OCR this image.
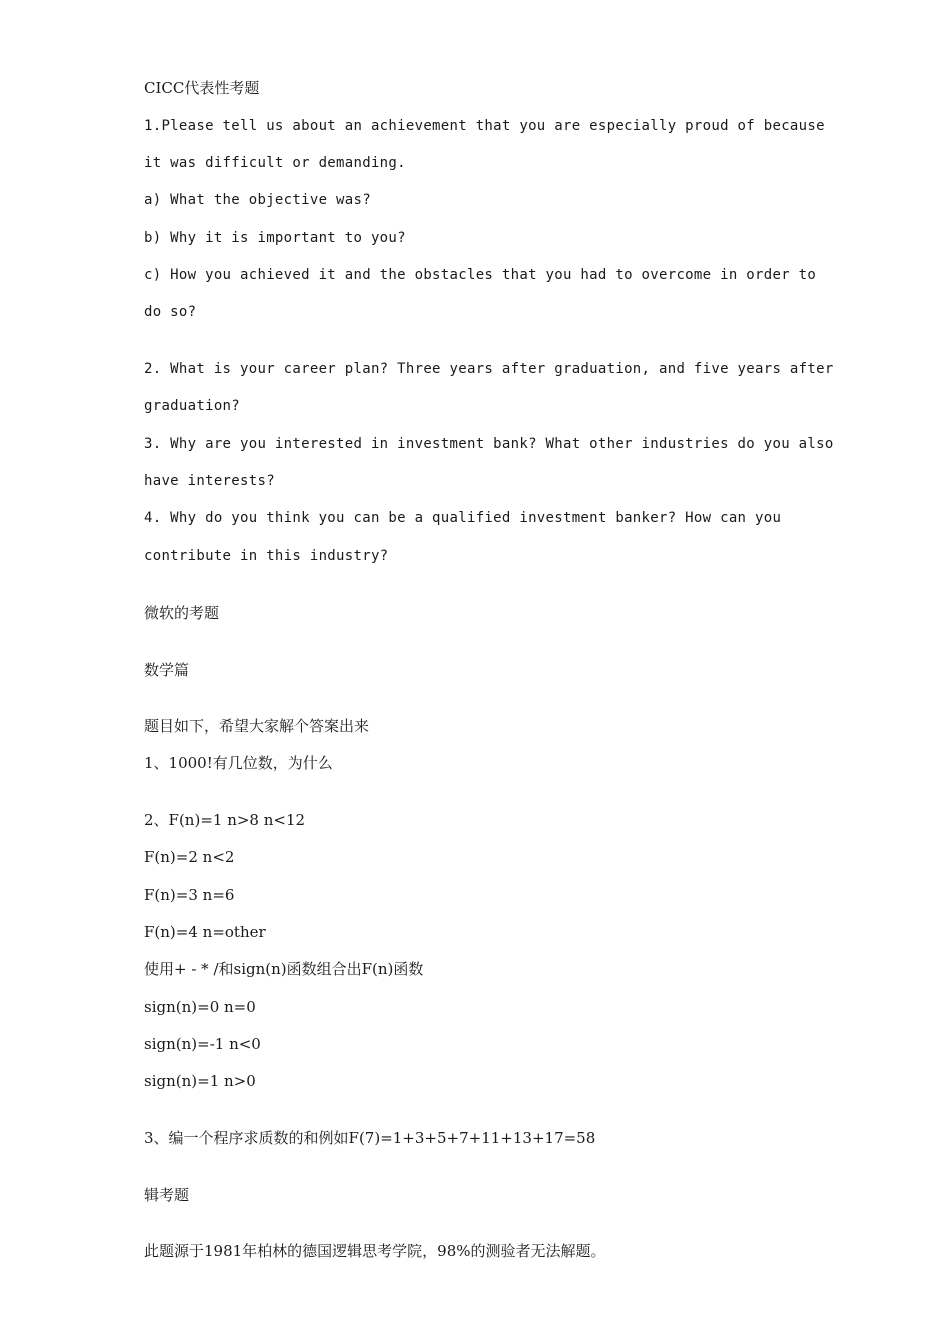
CICC代表性考题

1.Please tell us about an achievement that you are especially proud of because

it was difficult or demanding.

a) What the objective was?

b) Why it is important to you?

c) How you achieved it and the obstacles that you had to overcome in order to

do so?

2. What is your career plan? Three years after graduation, and five years after

graduation?

3. Why are you interested in investment bank? What other industries do you also

have interests?

4. Why do you think you can be a qualified investment banker? How can you

contribute in this industry?

微软的考题

数学篇

题目如下，希望大家解个答案出来

1、1000!有几位数，为什么

2、F(n)=1 n>8 n<12

F(n)=2 n<2

F(n)=3 n=6

F(n)=4 n=other

使用+ - * /和sign(n)函数组合出F(n)函数

sign(n)=0 n=0

sign(n)=-1 n<0

sign(n)=1 n>0

3、编一个程序求质数的和例如F(7)=1+3+5+7+11+13+17=58

辑考题

此题源于1981年柏林的德国逻辑思考学院，98%的测验者无法解题。
